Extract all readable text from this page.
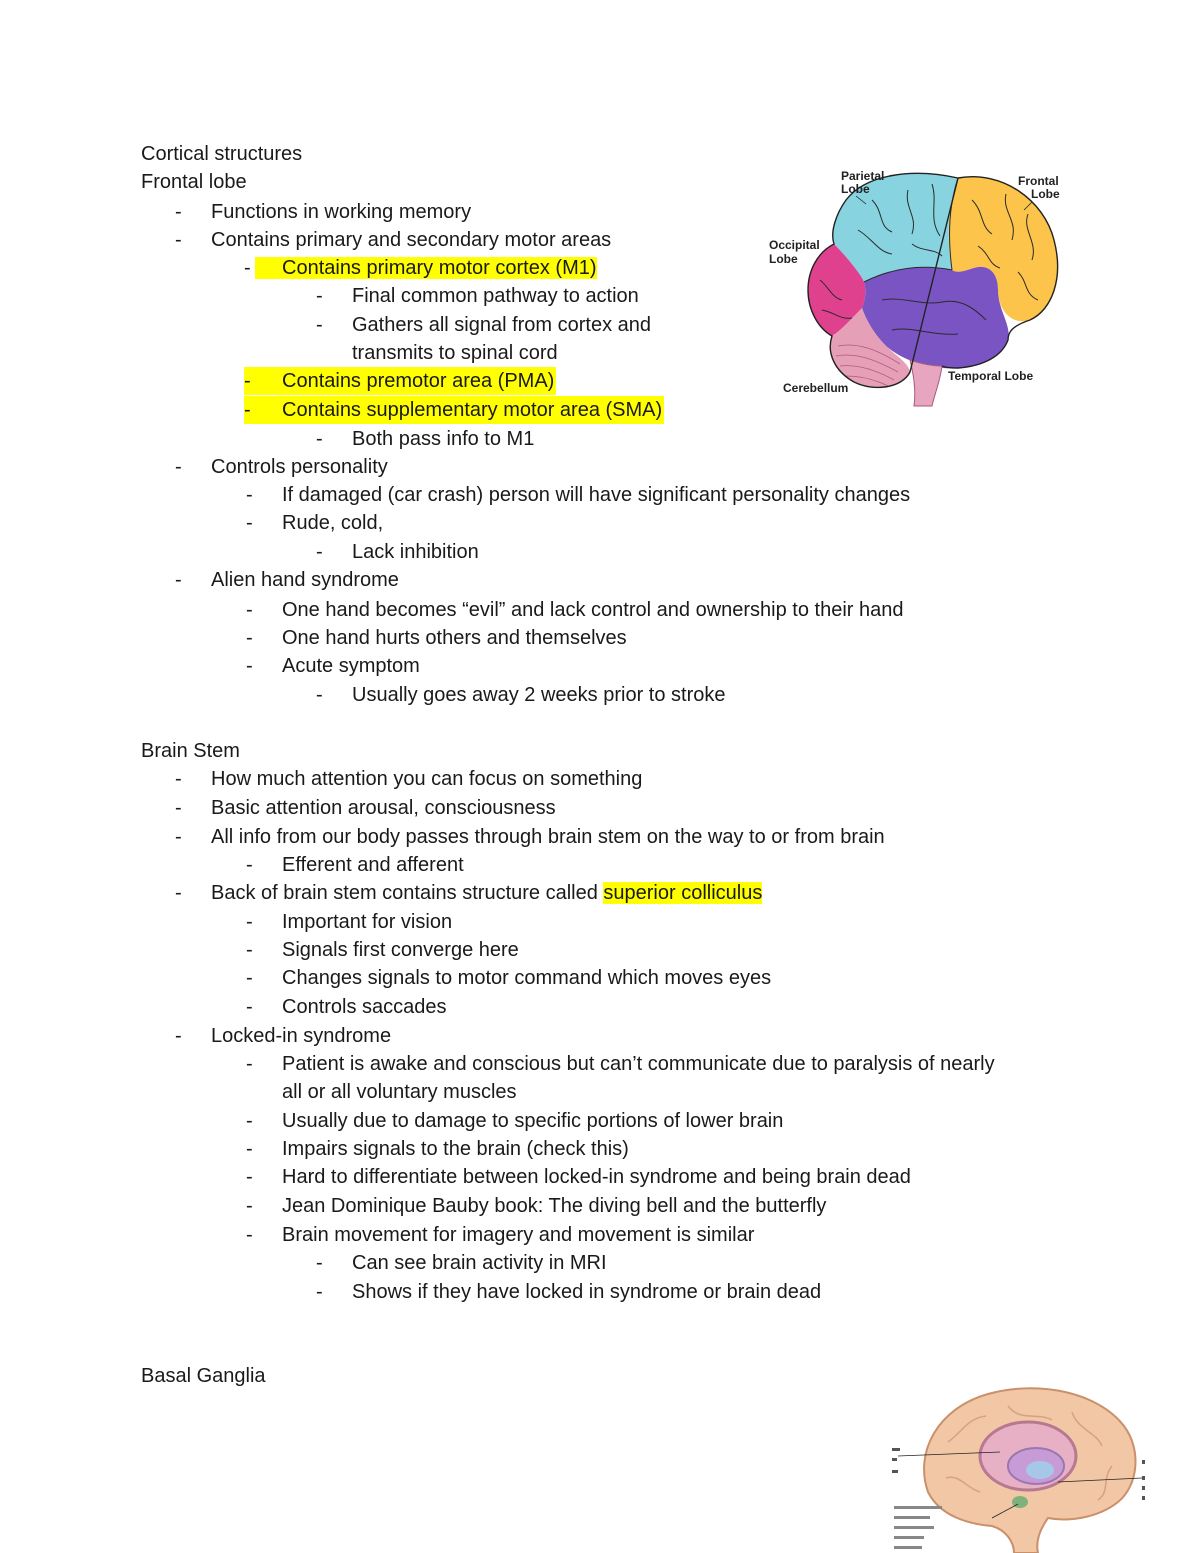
Cortical structures
Frontal lobe
- Functions in working memory
- Contains primary and secondary motor areas
-	Contains primary motor cortex (M1)
- Final common pathway to action
- Gathers all signal from cortex and
transmits to spinal cord
- Contains premotor area (PMA)
- Contains supplementary motor area (SMA)
- Both pass info to M1
- Controls personality
- If damaged (car crash) person will have significant personality changes
- Rude, cold,
- Lack inhibition
- Alien hand syndrome
- One hand becomes “evil” and lack control and ownership to their hand
- One hand hurts others and themselves
- Acute symptom
- Usually goes away 2 weeks prior to stroke
Brain Stem
- How much attention you can focus on something
- Basic attention arousal, consciousness
- All info from our body passes through brain stem on the way to or from brain
- Efferent and afferent
- Back of brain stem contains structure called superior colliculus
- Important for vision
- Signals first converge here
- Changes signals to motor command which moves eyes
- Controls saccades
- Locked-in syndrome
- Patient is awake and conscious but can’t communicate due to paralysis of nearly
all or all voluntary muscles
- Usually due to damage to specific portions of lower brain
- Impairs signals to the brain (check this)
- Hard to differentiate between locked-in syndrome and being brain dead
- Jean Dominique Bauby book: The diving bell and the butterfly
- Brain movement for imagery and movement is similar
- Can see brain activity in MRI
- Shows if they have locked in syndrome or brain dead
Basal Ganglia
Parietal
Lobe
Frontal
Lobe
Occipital
Lobe
Cerebellum
Temporal Lobe
